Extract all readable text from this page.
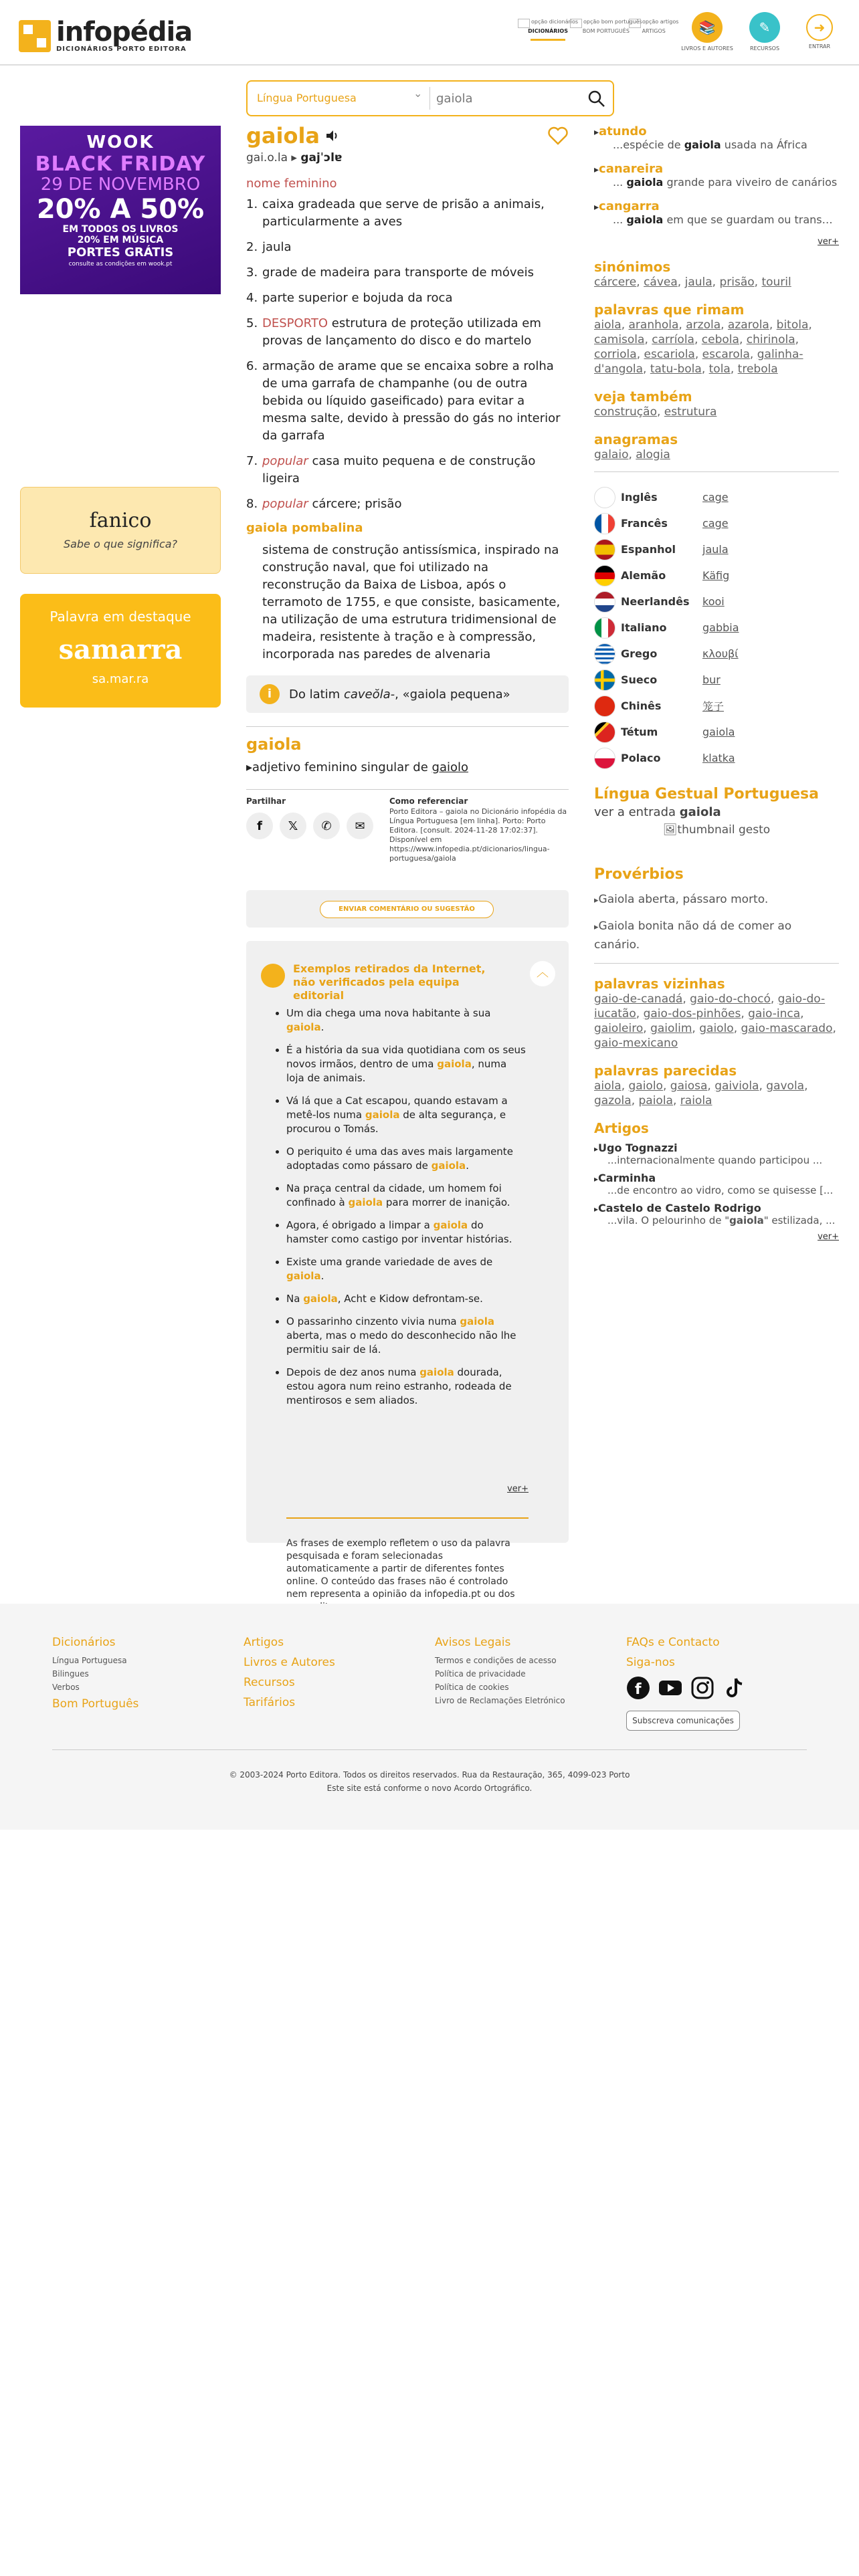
infopédia
DICIONÁRIOS PORTO EDITORA
opção dicionários
DICIONÁRIOS
opção bom português
BOM PORTUGUÊS
opção artigos
ARTIGOS	📚
LIVROS E AUTORES
✎
RECURSOS
➜
ENTRAR
Língua Portuguesa	⌄
gaiola
WOOK
BLACK FRIDAY
29 DE NOVEMBRO
20% A 50%
EM TODOS OS LIVROS
20% EM MÚSICA
PORTES GRÁTIS
consulte as condições em wook.pt
fanico
Sabe o que significa?
Palavra em destaque
samarra
sa.mar.ra
gaiola
gai.o.la ▸ gajˈɔlɐ
nome feminino
1. caixa gradeada que serve de prisão a animais, particularmente a aves
2. jaula
3. grade de madeira para transporte de móveis
4. parte superior e bojuda da roca
5. DESPORTO estrutura de proteção utilizada em provas de lançamento do disco e do martelo
6. armação de arame que se encaixa sobre a rolha de uma garrafa de champanhe (ou de outra bebida ou líquido gaseificado) para evitar a mesma salte, devido à pressão do gás no interior da garrafa
7. popular casa muito pequena e de construção ligeira
8. popular cárcere; prisão
gaiola pombalina
sistema de construção antissísmica, inspirado na construção naval, que foi utilizado na reconstrução da Baixa de Lisboa, após o terramoto de 1755, e que consiste, basicamente, na utilização de uma estrutura tridimensional de madeira, resistente à tração e à compressão, incorporada nas paredes de alvenaria
i	Do latim caveŏla-, «gaiola pequena»
gaiola
▸adjetivo feminino singular de gaiolo
Partilhar
f	𝕏	✆	✉
Como referenciar
Porto Editora – gaiola no Dicionário infopédia da Língua Portuguesa [em linha]. Porto: Porto Editora. [consult. 2024-11-28 17:02:37]. Disponível em https://www.infopedia.pt/dicionarios/lingua-portuguesa/gaiola
ENVIAR COMENTÁRIO OU SUGESTÃO
Exemplos retirados da Internet, não verificados pela equipa editorial
︿
• Um dia chega uma nova habitante à sua gaiola.
• É a história da sua vida quotidiana com os seus novos irmãos, dentro de uma gaiola, numa loja de animais.
• Vá lá que a Cat escapou, quando estavam a metê-los numa gaiola de alta segurança, e procurou o Tomás.
• O periquito é uma das aves mais largamente adoptadas como pássaro de gaiola.
• Na praça central da cidade, um homem foi confinado à gaiola para morrer de inanição.
• Agora, é obrigado a limpar a gaiola do hamster como castigo por inventar histórias.
• Existe uma grande variedade de aves de gaiola.
• Na gaiola, Acht e Kidow defrontam-se.
• O passarinho cinzento vivia numa gaiola aberta, mas o medo do desconhecido não lhe permitiu sair de lá.
• Depois de dez anos numa gaiola dourada, estou agora num reino estranho, rodeada de mentirosos e sem aliados.
ver+
As frases de exemplo refletem o uso da palavra pesquisada e foram selecionadas automaticamente a partir de diferentes fontes online. O conteúdo das frases não é controlado nem representa a opinião da infopedia.pt ou dos
▸ atundo
...espécie de gaiola usada na África
▸ canareira
... gaiola grande para viveiro de canários
▸ cangarra
... gaiola em que se guardam ou transp...
ver+
sinónimos
cárcere, cávea, jaula, prisão, touril
palavras que rimam
aiola, aranhola, arzola, azarola, bitola, camisola, carríola, cebola, chirinola, corriola, escariola, escarola, galinha-d'angola, tatu-bola, tola, trebola
veja também
construção, estrutura
anagramas
galaio, alogia
Inglês	cage
Francês	cage
Espanhol	jaula
Alemão	Käfig
Neerlandês	kooi
Italiano	gabbia
Grego	κλουβί
Sueco	bur
Chinês	笼子
Tétum	gaiola
Polaco	klatka
Língua Gestual Portuguesa
ver a entrada gaiola
🖼thumbnail gesto
Provérbios
▸ Gaiola aberta, pássaro morto.
▸ Gaiola bonita não dá de comer ao canário.
palavras vizinhas
gaio-de-canadá, gaio-do-chocó, gaio-do-iucatão, gaio-dos-pinhões, gaio-inca, gaioleiro, gaiolim, gaiolo, gaio-mascarado, gaio-mexicano
palavras parecidas
aiola, gaiolo, gaiosa, gaiviola, gavola, gazola, paiola, raiola
Artigos
▸ Ugo Tognazzi
...internacionalmente quando participou ...
▸ Carminha
...de encontro ao vidro, como se quisesse [...
▸ Castelo de Castelo Rodrigo
...vila. O pelourinho de "gaiola" estilizada, ...
ver+
Dicionários
Língua Portuguesa
Bilingues
Verbos
Bom Português
Artigos
Livros e Autores
Recursos
Tarifários
Avisos Legais
Termos e condições de acesso
Política de privacidade
Política de cookies
Livro de Reclamações Eletrónico
FAQs e Contacto
Siga-nos
f
Subscreva comunicações
© 2003-2024 Porto Editora. Todos os direitos reservados. Rua da Restauração, 365, 4099-023 Porto
Este site está conforme o novo Acordo Ortográfico.
